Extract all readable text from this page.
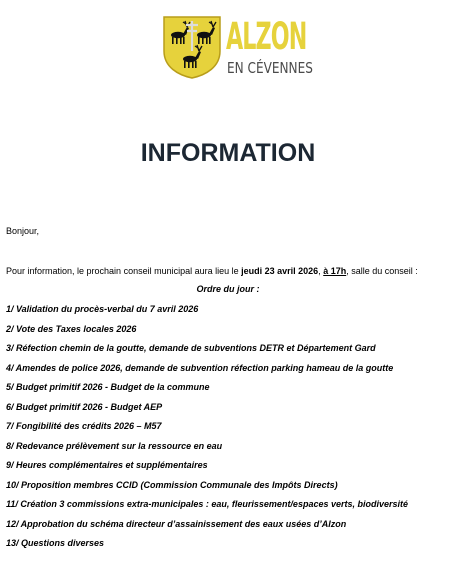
ALZON
EN CÉVENNES
INFORMATION
Bonjour,
Pour information, le prochain conseil municipal aura lieu le jeudi 23 avril 2026, à 17h, salle du conseil :
Ordre du jour :
1/ Validation du procès-verbal du 7 avril 2026
2/ Vote des Taxes locales 2026
3/ Réfection chemin de la goutte, demande de subventions DETR et Département Gard
4/ Amendes de police 2026, demande de subvention réfection parking hameau de la goutte
5/ Budget primitif 2026 - Budget de la commune
6/ Budget primitif 2026 - Budget AEP
7/ Fongibilité des crédits 2026 – M57
8/ Redevance prélèvement sur la ressource en eau
9/ Heures complémentaires et supplémentaires
10/ Proposition membres CCID (Commission Communale des Impôts Directs)
11/ Création 3 commissions extra-municipales : eau, fleurissement/espaces verts, biodiversité
12/ Approbation du schéma directeur d’assainissement des eaux usées d’Alzon
13/ Questions diverses
